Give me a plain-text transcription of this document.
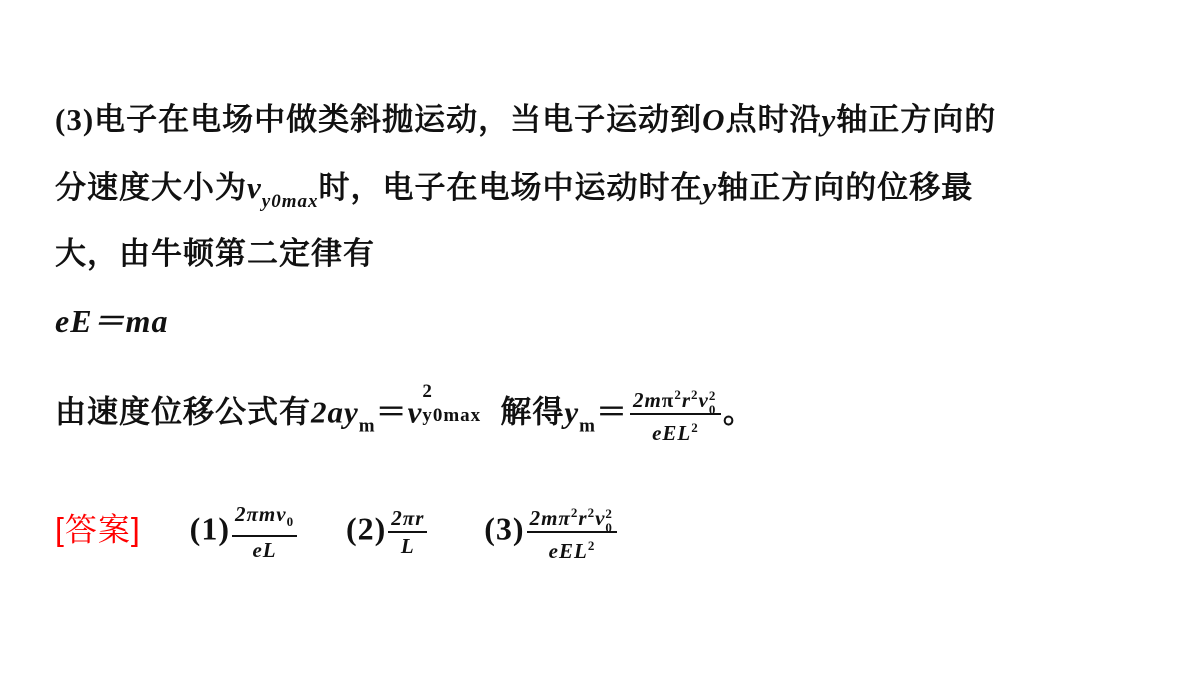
(3)电子在电场中做类斜抛运动，当电子运动到O点时沿y轴正方向的
分速度大小为$v_{y0max}$时，电子在电场中运动时在y轴正方向的位移最
大，由牛顿第二定律有
eE＝ma
由速度位移公式有$2ay_m=v$
2
y0max 解得$y_m= 2m\pi^2r^2v$ 2
0
eEL$^2$ 。
[答案] $(1) \frac{2\pi mv_0}{eL} (2) \frac{2\pi r}{L} (3)$ $2m\pi^2r^2v$ 2
0
eEL$^2$
